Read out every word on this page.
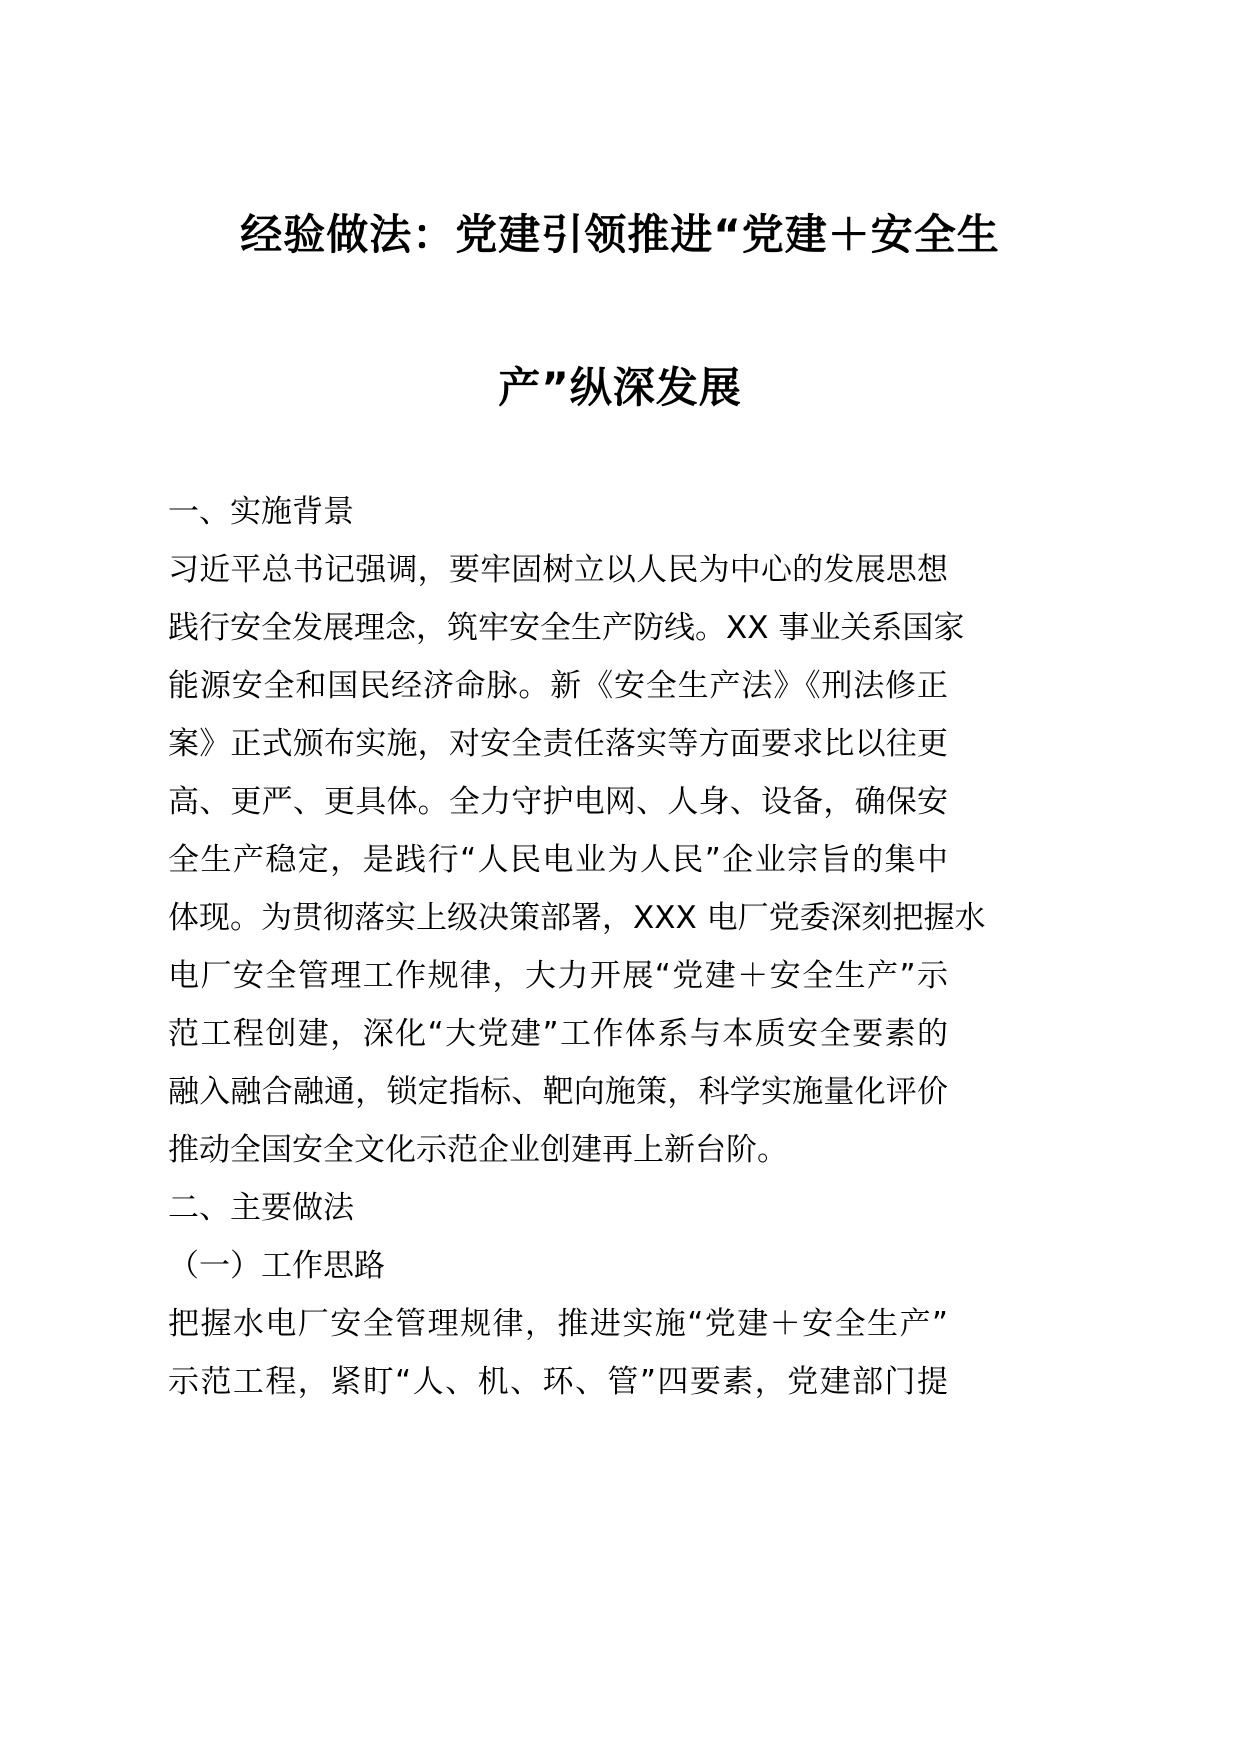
经验做法：党建引领推进“党建＋安全生
产”纵深发展
一、实施背景
习近平总书记强调，要牢固树立以人民为中心的发展思想
践行安全发展理念，筑牢安全生产防线。XX 事业关系国家
能源安全和国民经济命脉。新《安全生产法》《刑法修正
案》正式颁布实施，对安全责任落实等方面要求比以往更
高、更严、更具体。全力守护电网、人身、设备，确保安
全生产稳定，是践行“人民电业为人民”企业宗旨的集中
体现。为贯彻落实上级决策部署，XXX 电厂党委深刻把握水
电厂安全管理工作规律，大力开展“党建＋安全生产”示
范工程创建，深化“大党建”工作体系与本质安全要素的
融入融合融通，锁定指标、靶向施策，科学实施量化评价
推动全国安全文化示范企业创建再上新台阶。
二、主要做法
（一）工作思路
把握水电厂安全管理规律，推进实施“党建＋安全生产”
示范工程，紧盯“人、机、环、管”四要素，党建部门提
